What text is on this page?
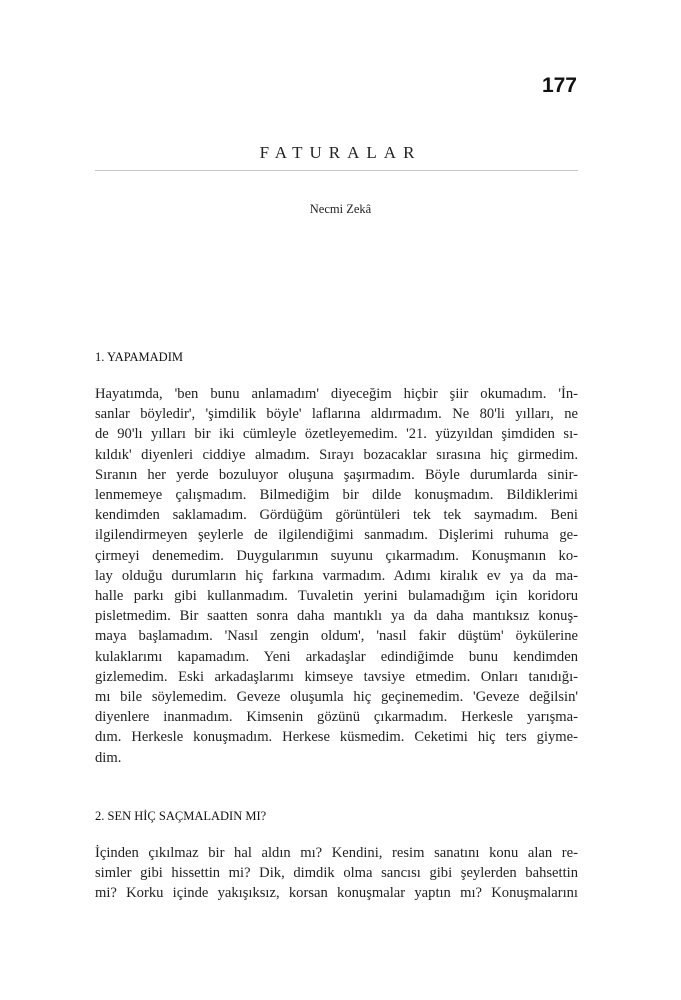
177
FATURALAR
Necmi Zekâ
1. YAPAMADIM
Hayatımda, 'ben bunu anlamadım' diyeceğim hiçbir şiir okumadım. 'İn-
sanlar böyledir', 'şimdilik böyle' laflarına aldırmadım. Ne 80'li yılları, ne
de 90'lı yılları bir iki cümleyle özetleyemedim. '21. yüzyıldan şimdiden sı-
kıldık' diyenleri ciddiye almadım. Sırayı bozacaklar sırasına hiç girmedim.
Sıranın her yerde bozuluyor oluşuna şaşırmadım. Böyle durumlarda sinir-
lenmemeye çalışmadım. Bilmediğim bir dilde konuşmadım. Bildiklerimi
kendimden saklamadım. Gördüğüm görüntüleri tek tek saymadım. Beni
ilgilendirmeyen şeylerle de ilgilendiğimi sanmadım. Dişlerimi ruhuma ge-
çirmeyi denemedim. Duygularımın suyunu çıkarmadım. Konuşmanın ko-
lay olduğu durumların hiç farkına varmadım. Adımı kiralık ev ya da ma-
halle parkı gibi kullanmadım. Tuvaletin yerini bulamadığım için koridoru
pisletmedim. Bir saatten sonra daha mantıklı ya da daha mantıksız konuş-
maya başlamadım. 'Nasıl zengin oldum', 'nasıl fakir düştüm' öykülerine
kulaklarımı kapamadım. Yeni arkadaşlar edindiğimde bunu kendimden
gizlemedim. Eski arkadaşlarımı kimseye tavsiye etmedim. Onları tanıdığı-
mı bile söylemedim. Geveze oluşumla hiç geçinemedim. 'Geveze değilsin'
diyenlere inanmadım. Kimsenin gözünü çıkarmadım. Herkesle yarışma-
dım. Herkesle konuşmadım. Herkese küsmedim. Ceketimi hiç ters giyme-
dim.
2. SEN HİÇ SAÇMALADIN MI?
İçinden çıkılmaz bir hal aldın mı? Kendini, resim sanatını konu alan re-
simler gibi hissettin mi? Dik, dimdik olma sancısı gibi şeylerden bahsettin
mi? Korku içinde yakışıksız, korsan konuşmalar yaptın mı? Konuşmalarını
